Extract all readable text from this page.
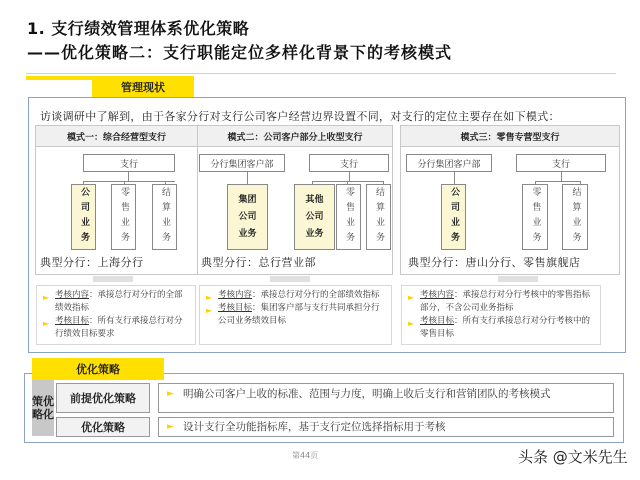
1. 支行绩效管理体系优化策略
——优化策略二：支行职能定位多样化背景下的考核模式
管理现状
访谈调研中了解到，由于各家分行对支行公司客户经营边界设置不同，对支行的定位主要存在如下模式：
模式一：综合经营型支行
支行
公司业务	零售业务	结算业务
典型分行：上海分行
模式二：公司客户部分上收型支行
分行集团客户部	支行
集团公司业务
其他公司业务	零售业务	结算业务
典型分行：总行营业部
模式三：零售专营型支行
分行集团客户部	支行
公司业务	零售业务	结算业务
典型分行：唐山分行、零售旗舰店

► 考核内容：承接总行对分行的全部绩效指标

► 考核目标：所有支行承接总行对分行绩效目标要求

► 考核内容：承接总行对分行的全部绩效指标

► 考核目标：集团客户部与支行共同承担分行公司业务绩效目标

► 考核内容：承接总行对分行考核中的零售指标部分，不含公司业务指标

► 考核目标：所有支行承接总行对分行考核中的零售目标

优化策略
策优略化
前提优化策略	► 明确公司客户上收的标准、范围与力度，明确上收后支行和营销团队的考核模式
优化策略	► 设计支行全功能指标库，基于支行定位选择指标用于考核
第44页	头条 @文米先生
